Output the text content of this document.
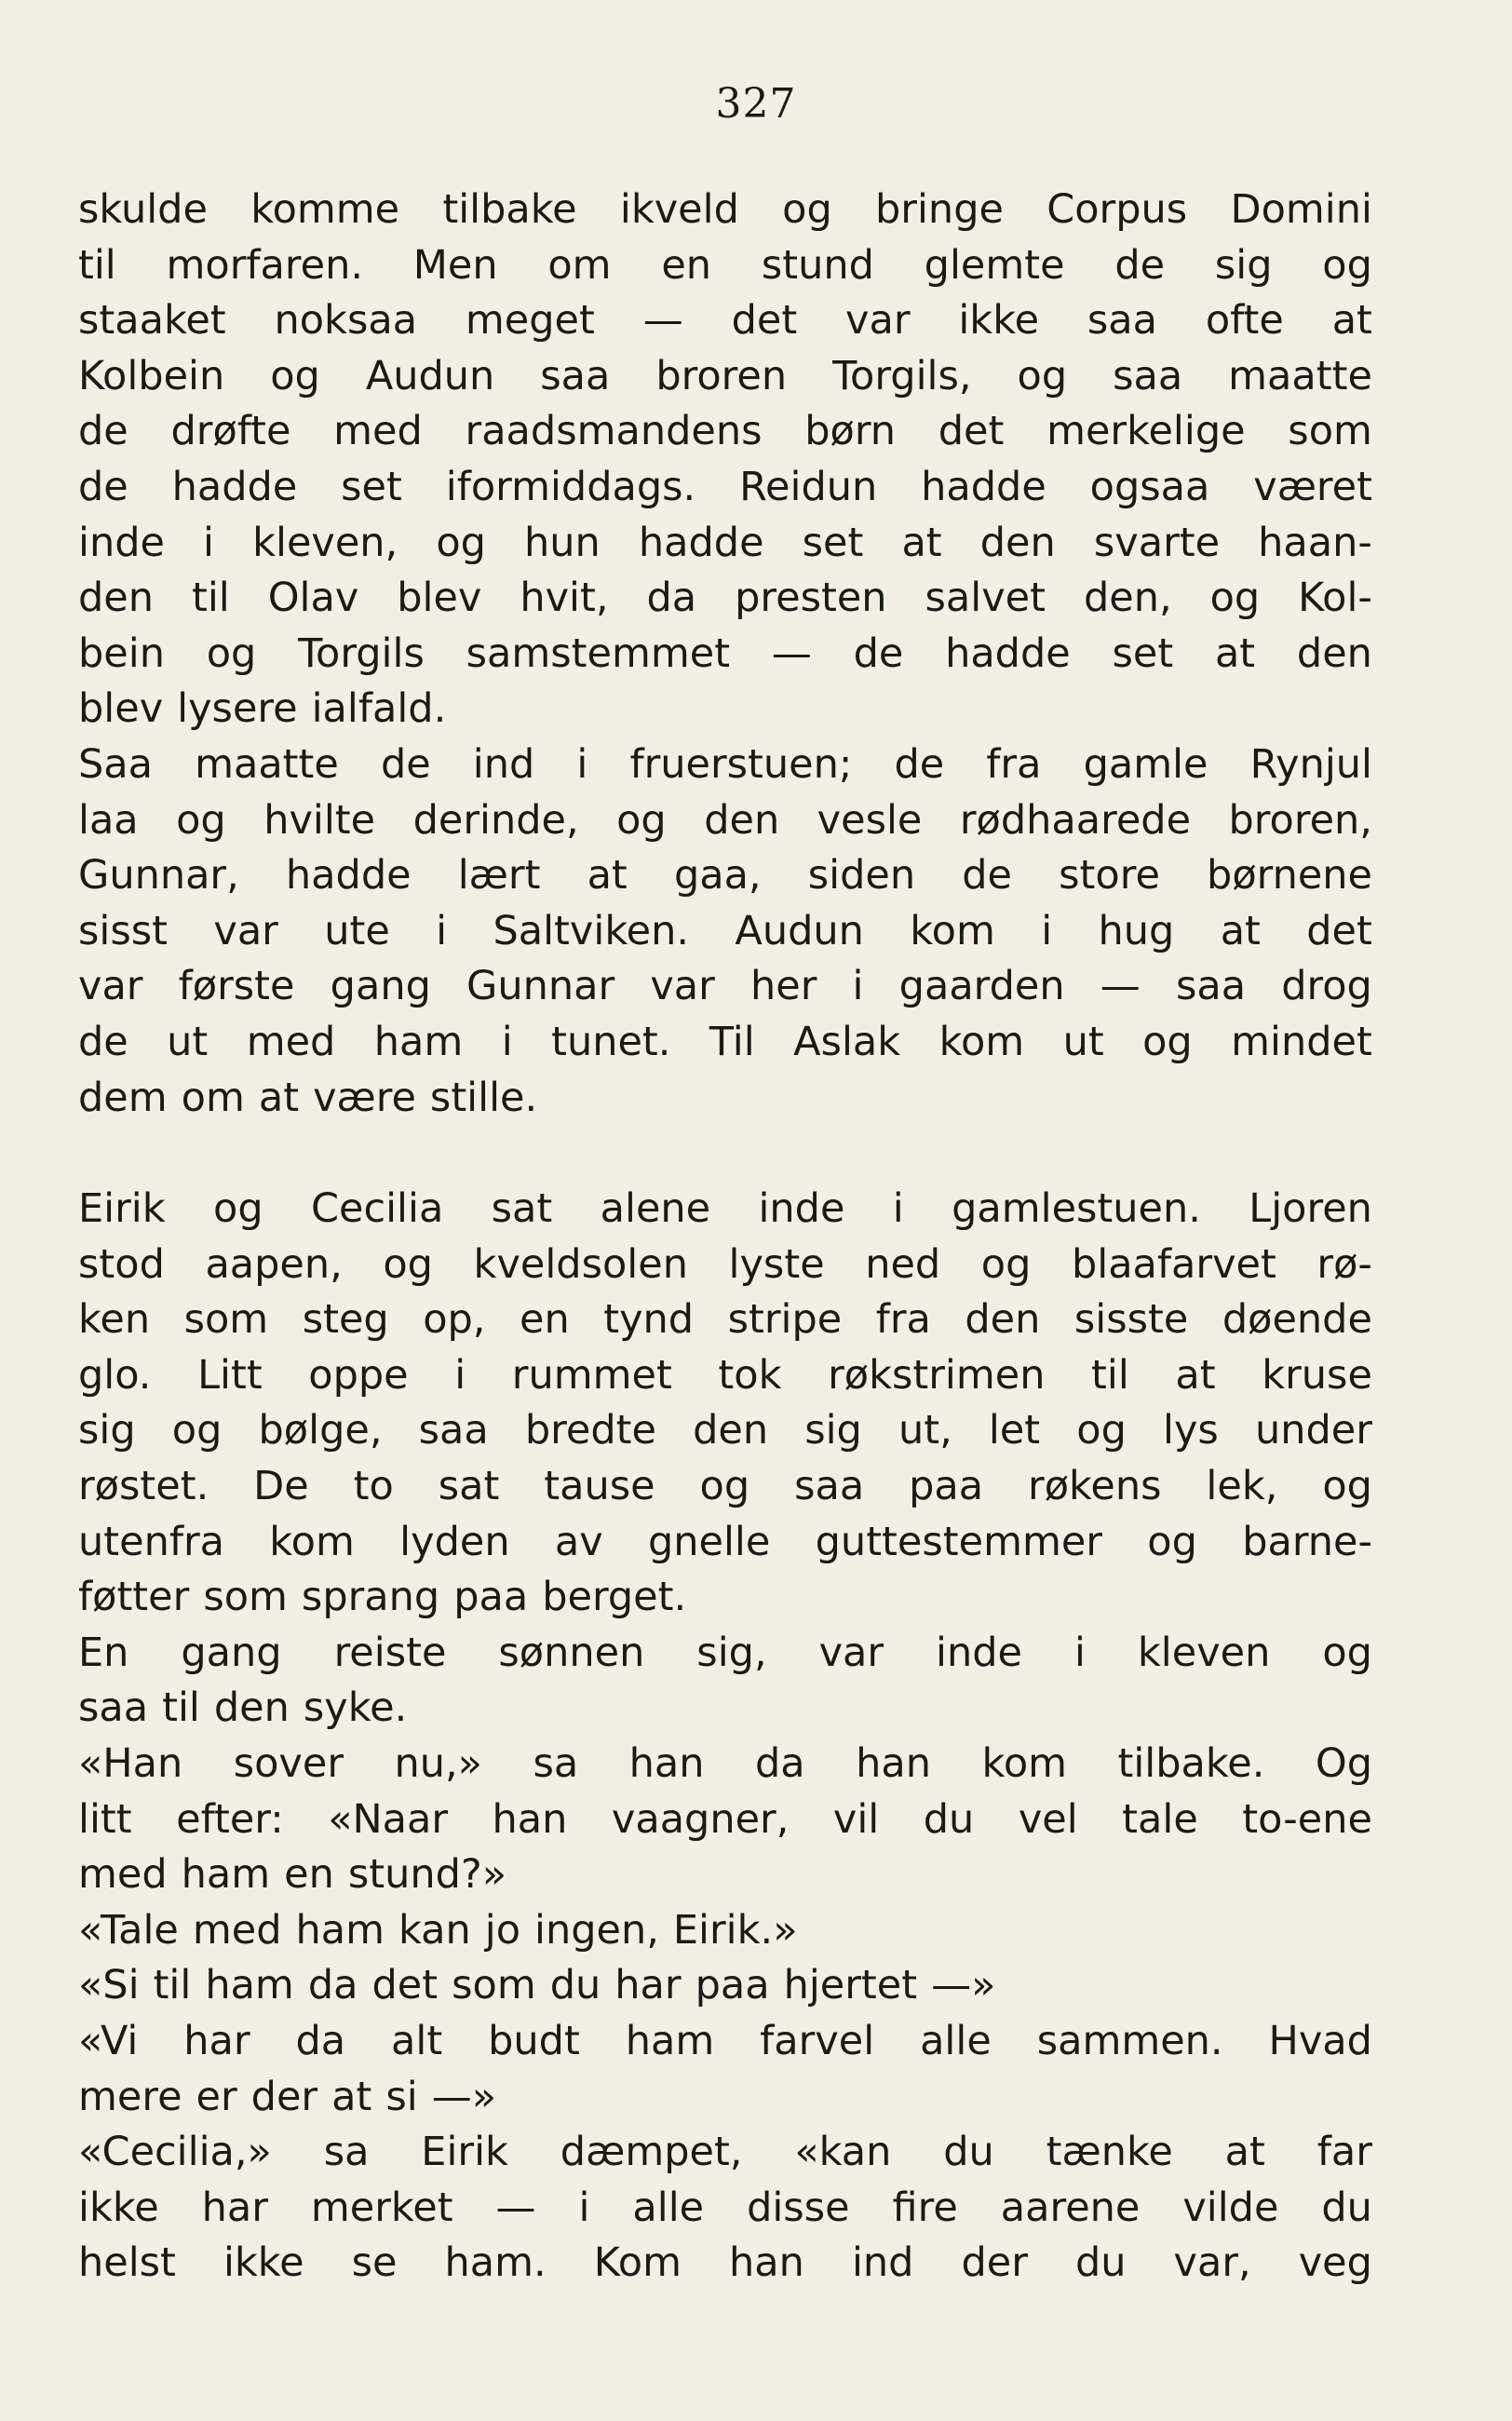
327
skulde komme tilbake ikveld og bringe Corpus Domini
til morfaren. Men om en stund glemte de sig og
staaket noksaa meget — det var ikke saa ofte at
Kolbein og Audun saa broren Torgils, og saa maatte
de drøfte med raadsmandens børn det merkelige som
de hadde set iformiddags. Reidun hadde ogsaa været
inde i kleven, og hun hadde set at den svarte haan-
den til Olav blev hvit, da presten salvet den, og Kol-
bein og Torgils samstemmet — de hadde set at den
blev lysere ialfald.
Saa maatte de ind i fruerstuen; de fra gamle Rynjul
laa og hvilte derinde, og den vesle rødhaarede broren,
Gunnar, hadde lært at gaa, siden de store børnene
sisst var ute i Saltviken. Audun kom i hug at det
var første gang Gunnar var her i gaarden — saa drog
de ut med ham i tunet. Til Aslak kom ut og mindet
dem om at være stille.
Eirik og Cecilia sat alene inde i gamlestuen. Ljoren
stod aapen, og kveldsolen lyste ned og blaafarvet rø-
ken som steg op, en tynd stripe fra den sisste døende
glo. Litt oppe i rummet tok røkstrimen til at kruse
sig og bølge, saa bredte den sig ut, let og lys under
røstet. De to sat tause og saa paa røkens lek, og
utenfra kom lyden av gnelle guttestemmer og barne-
føtter som sprang paa berget.
En gang reiste sønnen sig, var inde i kleven og
saa til den syke.
«Han sover nu,» sa han da han kom tilbake. Og
litt efter: «Naar han vaagner, vil du vel tale to-ene
med ham en stund?»
«Tale med ham kan jo ingen, Eirik.»
«Si til ham da det som du har paa hjertet —»
«Vi har da alt budt ham farvel alle sammen. Hvad
mere er der at si —»
«Cecilia,» sa Eirik dæmpet, «kan du tænke at far
ikke har merket — i alle disse fire aarene vilde du
helst ikke se ham. Kom han ind der du var, veg
